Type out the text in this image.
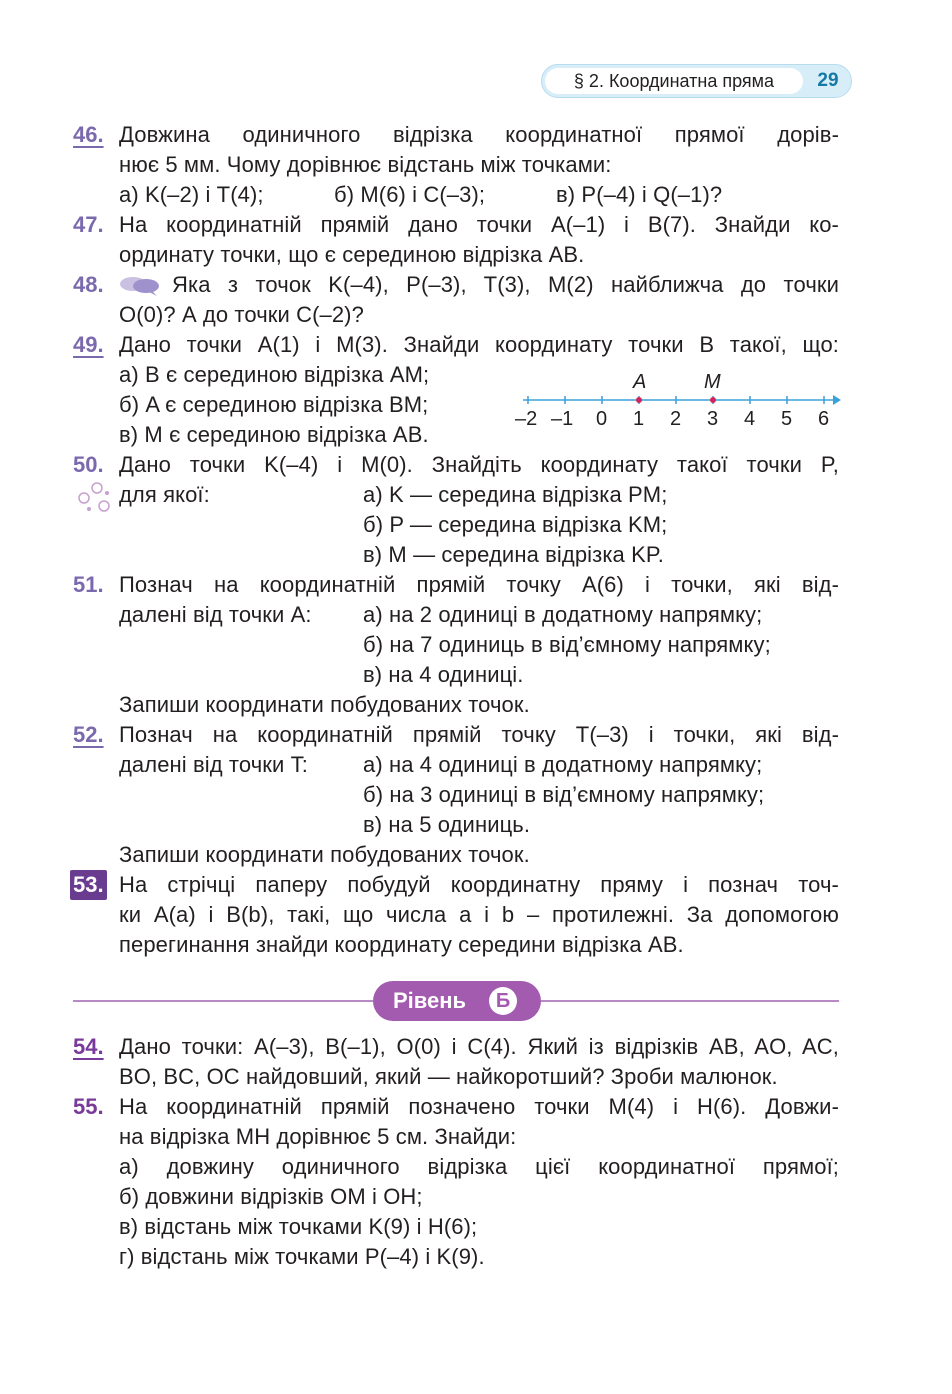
§ 2. Координатна пряма	29
46. Довжина одиничного відрізка координатної прямої дорів-
нює 5 мм. Чому дорівнює відстань між точками:
а) K(–2) і T(4);	б) M(6) і C(–3);	в) P(–4) і Q(–1)?
47. На координатній прямій дано точки A(–1) і B(7). Знайди ко-
ординату точки, що є серединою відрізка AB.
48.	Яка з точок K(–4), P(–3), T(3), M(2) найближча до точки
O(0)? А до точки C(–2)?
49. Дано точки A(1) і M(3). Знайди координату точки B такої, що:
а) B є серединою відрізка AM;
б) A є серединою відрізка BM;
в) M є серединою відрізка AB.
A	M
–2 –1 0 1 2 3 4 5 6
50. Дано точки K(–4) і M(0). Знайдіть координату такої точки P,
для якої:	а) K — середина відрізка PM;
б) P — середина відрізка KM;
в) M — середина відрізка KP.
51. Познач на координатній прямій точку A(6) і точки, які від-
далені від точки A: а) на 2 одиниці в додатному напрямку;
б) на 7 одиниць в від’ємному напрямку;
в) на 4 одиниці.
Запиши координати побудованих точок.
52. Познач на координатній прямій точку T(–3) і точки, які від-
далені від точки T:	а) на 4 одиниці в додатному напрямку;
б) на 3 одиниці в від’ємному напрямку;
в) на 5 одиниць.
Запиши координати побудованих точок.
53. На стрічці паперу побудуй координатну пряму і познач точ-
ки A(a) і B(b), такі, що числа a і b – протилежні. За допомогою
перегинання знайди координату середини відрізка AB.
Рівень	Б
54. Дано точки: A(–3), B(–1), O(0) і C(4). Який із відрізків AB, AO, AC,
BO, BC, OC найдовший, який — найкоротший? Зроби малюнок.
55. На координатній прямій позначено точки M(4) і H(6). Довжи-
на відрізка MH дорівнює 5 см. Знайди:
а) довжину одиничного відрізка цієї координатної прямої;
б) довжини відрізків OM і OH;
в) відстань між точками K(9) і H(6);
г) відстань між точками P(–4) і K(9).
